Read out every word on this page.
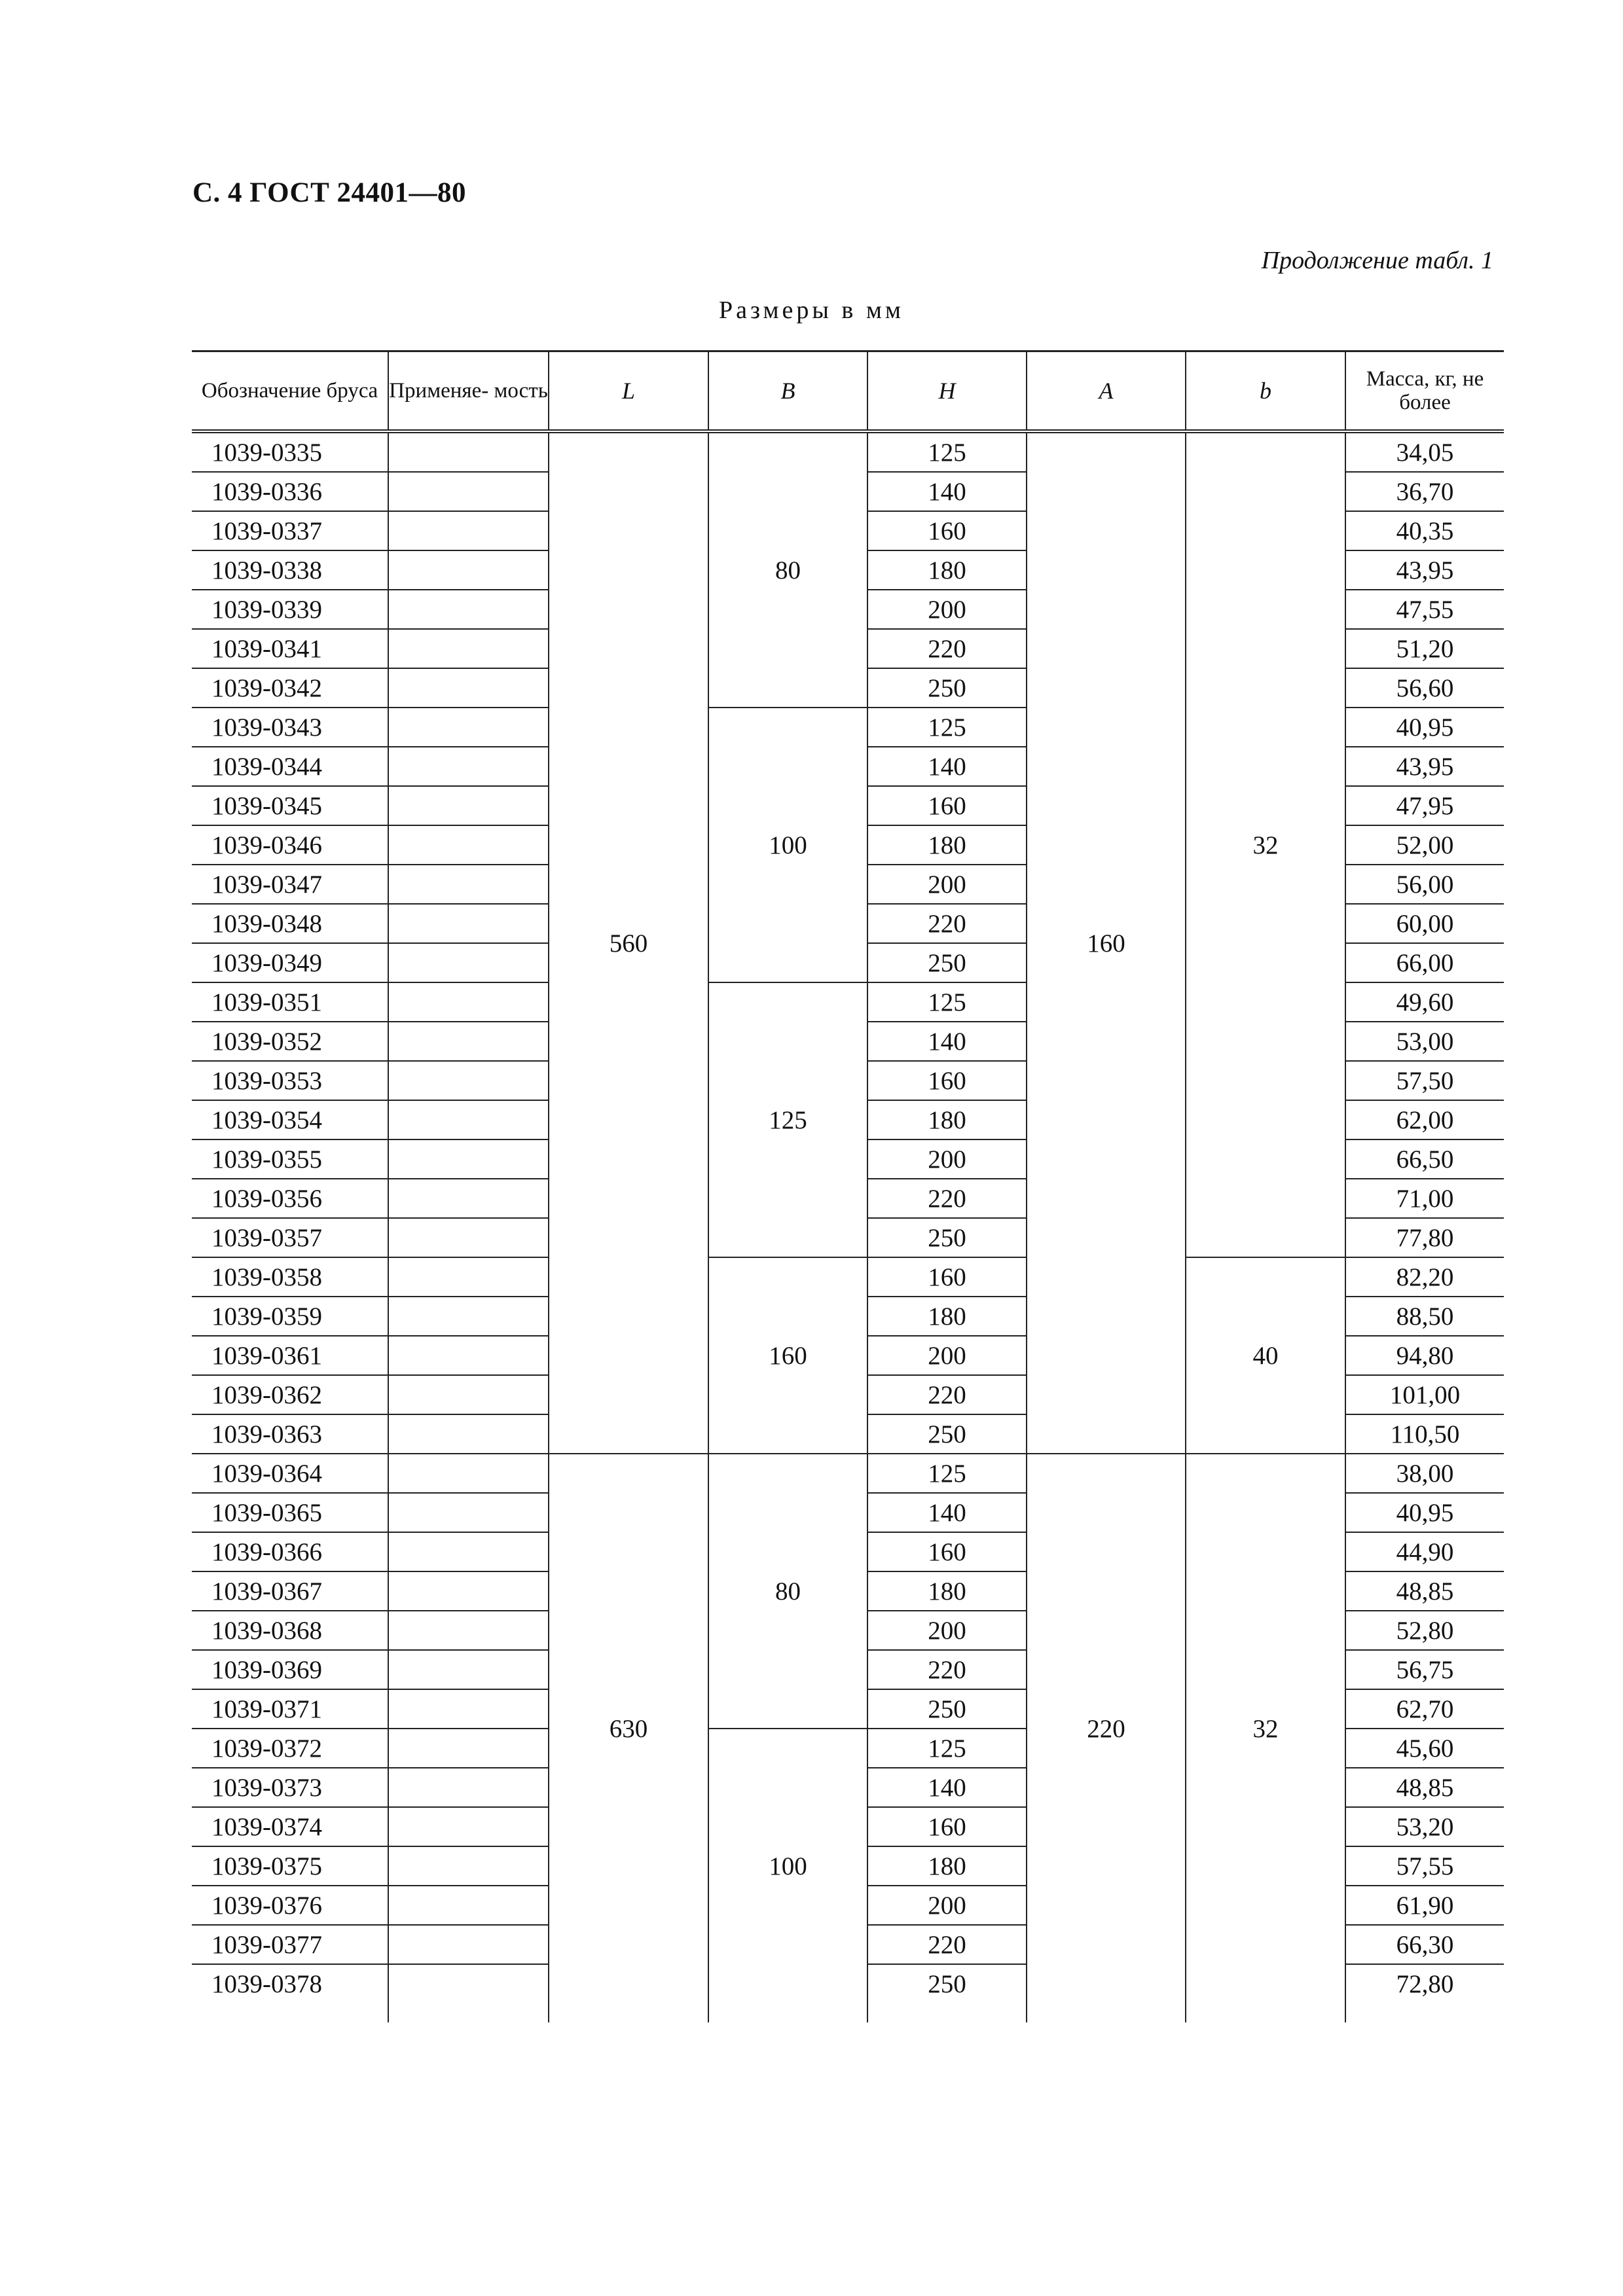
С. 4 ГОСТ 24401—80
Продолжение табл. 1
Размеры в мм
Обозначение брусa	Применяе- мость	L	B	H	A	b	Масса, кг, не более
1039-0335		560	80	125	160	32	34,05
1039-0336				140			36,70
1039-0337				160			40,35
1039-0338				180			43,95
1039-0339				200			47,55
1039-0341				220			51,20
1039-0342				250			56,60
1039-0343			100	125			40,95
1039-0344				140			43,95
1039-0345				160			47,95
1039-0346				180			52,00
1039-0347				200			56,00
1039-0348				220			60,00
1039-0349				250			66,00
1039-0351			125	125			49,60
1039-0352				140			53,00
1039-0353				160			57,50
1039-0354				180			62,00
1039-0355				200			66,50
1039-0356				220			71,00
1039-0357				250			77,80
1039-0358			160	160		40	82,20
1039-0359				180			88,50
1039-0361				200			94,80
1039-0362				220			101,00
1039-0363				250			110,50
1039-0364		630	80	125	220	32	38,00
1039-0365				140			40,95
1039-0366				160			44,90
1039-0367				180			48,85
1039-0368				200			52,80
1039-0369				220			56,75
1039-0371				250			62,70
1039-0372			100	125			45,60
1039-0373				140			48,85
1039-0374				160			53,20
1039-0375				180			57,55
1039-0376				200			61,90
1039-0377				220			66,30
1039-0378				250			72,80
